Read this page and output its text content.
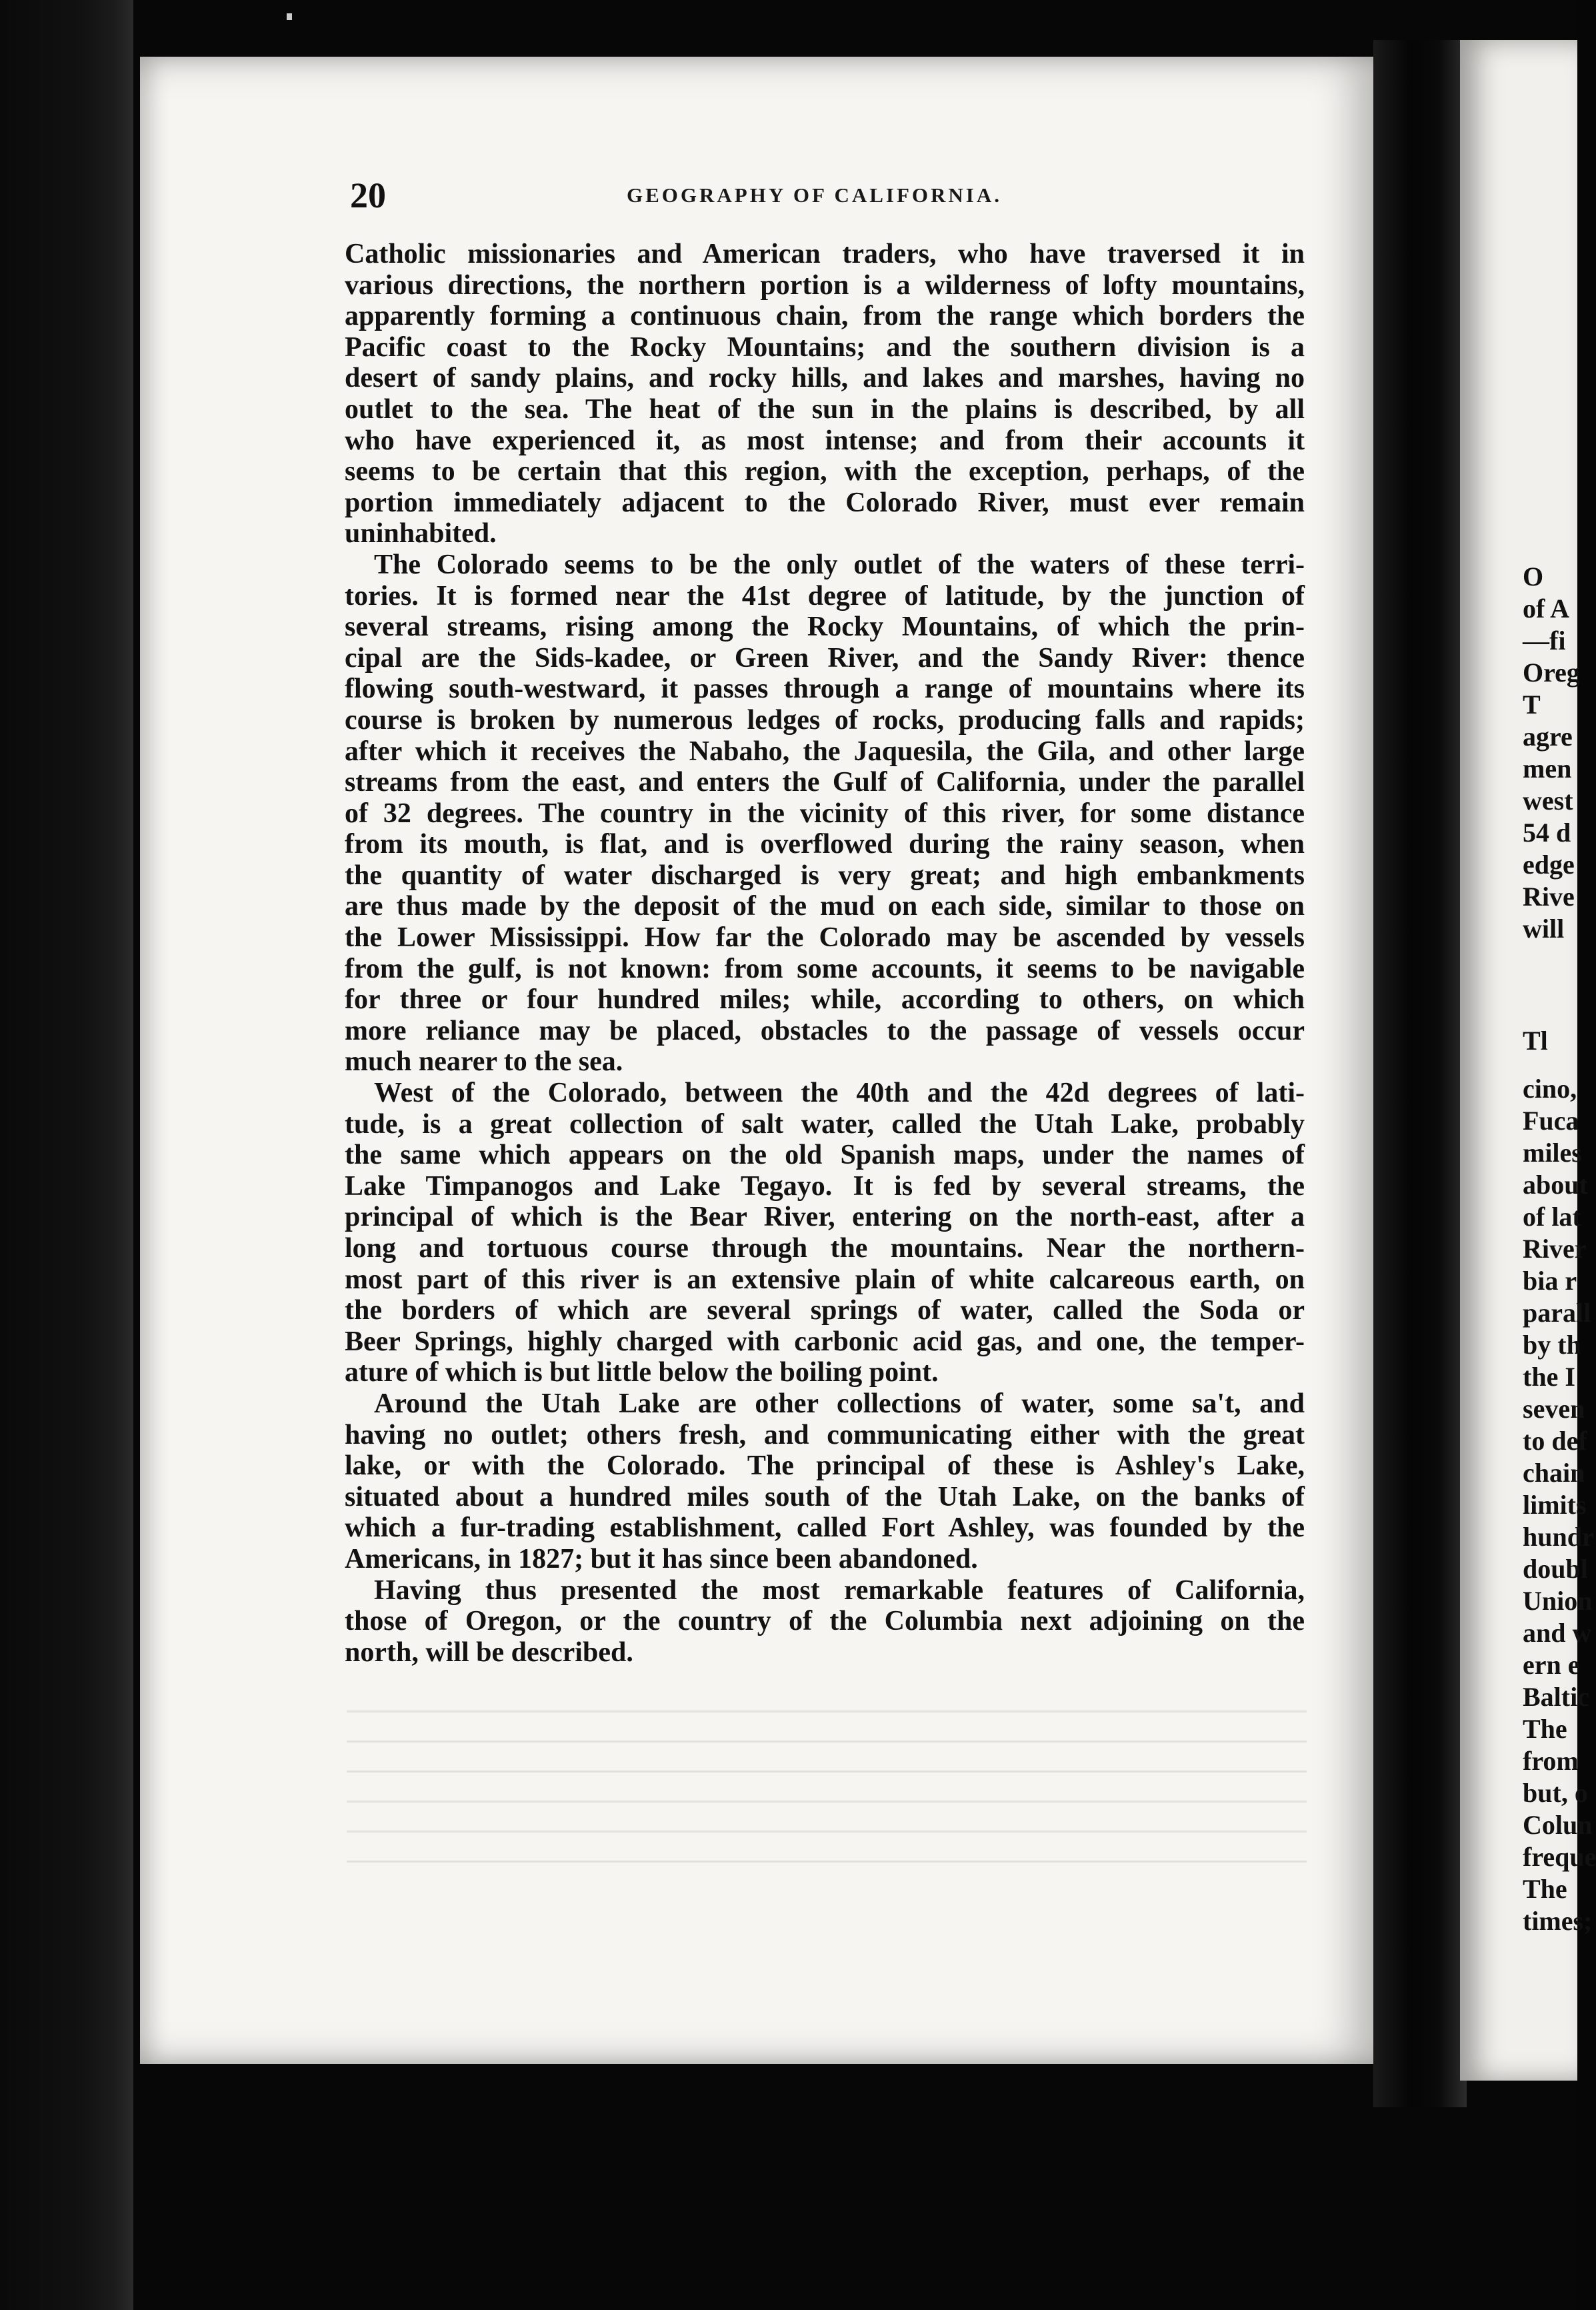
20	GEOGRAPHY OF CALIFORNIA.
Catholic missionaries and American traders, who have traversed it in
various directions, the northern portion is a wilderness of lofty mountains,
apparently forming a continuous chain, from the range which borders the
Pacific coast to the Rocky Mountains; and the southern division is a
desert of sandy plains, and rocky hills, and lakes and marshes, having no
outlet to the sea. The heat of the sun in the plains is described, by all
who have experienced it, as most intense; and from their accounts it
seems to be certain that this region, with the exception, perhaps, of the
portion immediately adjacent to the Colorado River, must ever remain
uninhabited.
The Colorado seems to be the only outlet of the waters of these terri-
tories. It is formed near the 41st degree of latitude, by the junction of
several streams, rising among the Rocky Mountains, of which the prin-
cipal are the Sids-kadee, or Green River, and the Sandy River: thence
flowing south-westward, it passes through a range of mountains where its
course is broken by numerous ledges of rocks, producing falls and rapids;
after which it receives the Nabaho, the Jaquesila, the Gila, and other large
streams from the east, and enters the Gulf of California, under the parallel
of 32 degrees. The country in the vicinity of this river, for some distance
from its mouth, is flat, and is overflowed during the rainy season, when
the quantity of water discharged is very great; and high embankments
are thus made by the deposit of the mud on each side, similar to those on
the Lower Mississippi. How far the Colorado may be ascended by vessels
from the gulf, is not known: from some accounts, it seems to be navigable
for three or four hundred miles; while, according to others, on which
more reliance may be placed, obstacles to the passage of vessels occur
much nearer to the sea.
West of the Colorado, between the 40th and the 42d degrees of lati-
tude, is a great collection of salt water, called the Utah Lake, probably
the same which appears on the old Spanish maps, under the names of
Lake Timpanogos and Lake Tegayo. It is fed by several streams, the
principal of which is the Bear River, entering on the north-east, after a
long and tortuous course through the mountains. Near the northern-
most part of this river is an extensive plain of white calcareous earth, on
the borders of which are several springs of water, called the Soda or
Beer Springs, highly charged with carbonic acid gas, and one, the temper-
ature of which is but little below the boiling point.
Around the Utah Lake are other collections of water, some sa't, and
having no outlet; others fresh, and communicating either with the great
lake, or with the Colorado. The principal of these is Ashley's Lake,
situated about a hundred miles south of the Utah Lake, on the banks of
which a fur-trading establishment, called Fort Ashley, was founded by the
Americans, in 1827; but it has since been abandoned.
Having thus presented the most remarkable features of California,
those of Oregon, or the country of the Columbia next adjoining on the
north, will be described.
O
of A
—fi
Oreg
T
agre
men
west
54 d
edge
Rive
will
Tl
cino,
Fuca
miles
about
of lat
River
bia r
parall
by th
the I
seven
to def
chain
limits
hundr
doubl
Union
and w
ern e
Baltic
The
from
but, o
Colun
freque
The
times;
